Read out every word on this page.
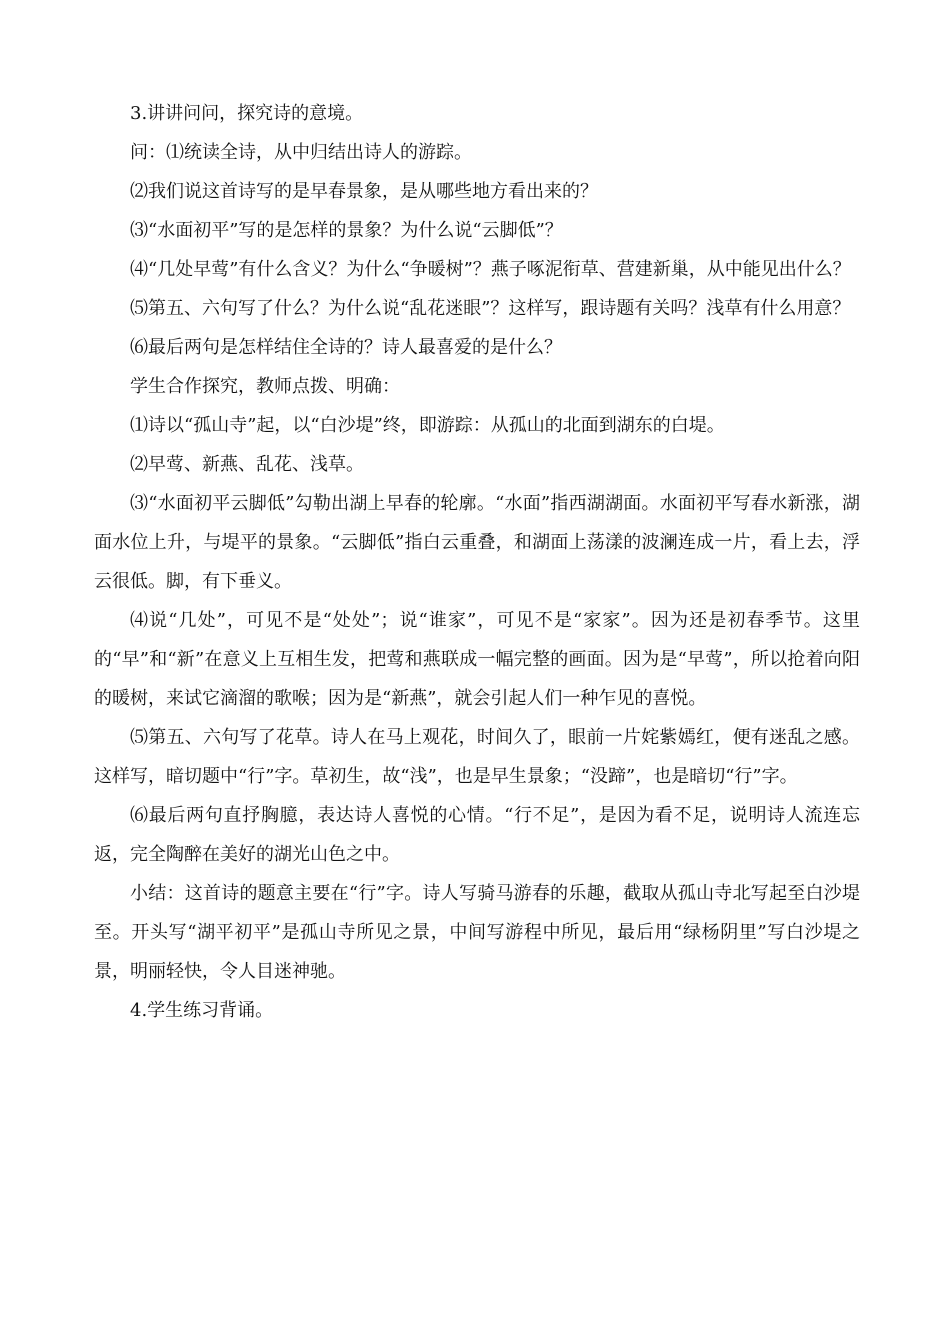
3.讲讲问问，探究诗的意境。

问：⑴统读全诗，从中归结出诗人的游踪。

⑵我们说这首诗写的是早春景象，是从哪些地方看出来的？

⑶“水面初平”写的是怎样的景象？为什么说“云脚低”？

⑷“几处早莺”有什么含义？为什么“争暖树”？燕子啄泥衔草、营建新巢，从中能见出什么？

⑸第五、六句写了什么？为什么说“乱花迷眼”？这样写，跟诗题有关吗？浅草有什么用意？

⑹最后两句是怎样结住全诗的？诗人最喜爱的是什么？

学生合作探究，教师点拨、明确：

⑴诗以“孤山寺”起，以“白沙堤”终，即游踪：从孤山的北面到湖东的白堤。

⑵早莺、新燕、乱花、浅草。

⑶“水面初平云脚低”勾勒出湖上早春的轮廓。“水面”指西湖湖面。水面初平写春水新涨，湖面水位上升，与堤平的景象。“云脚低”指白云重叠，和湖面上荡漾的波澜连成一片，看上去，浮云很低。脚，有下垂义。

⑷说“几处”，可见不是“处处”；说“谁家”，可见不是“家家”。因为还是初春季节。这里的“早”和“新”在意义上互相生发，把莺和燕联成一幅完整的画面。因为是“早莺”，所以抢着向阳的暖树，来试它滴溜的歌喉；因为是“新燕”，就会引起人们一种乍见的喜悦。

⑸第五、六句写了花草。诗人在马上观花，时间久了，眼前一片姹紫嫣红，便有迷乱之感。这样写，暗切题中“行”字。草初生，故“浅”，也是早生景象；“没蹄”，也是暗切“行”字。

⑹最后两句直抒胸臆，表达诗人喜悦的心情。“行不足”，是因为看不足，说明诗人流连忘返，完全陶醉在美好的湖光山色之中。

小结：这首诗的题意主要在“行”字。诗人写骑马游春的乐趣，截取从孤山寺北写起至白沙堤至。开头写“湖平初平”是孤山寺所见之景，中间写游程中所见，最后用“绿杨阴里”写白沙堤之景，明丽轻快，令人目迷神驰。

4.学生练习背诵。
